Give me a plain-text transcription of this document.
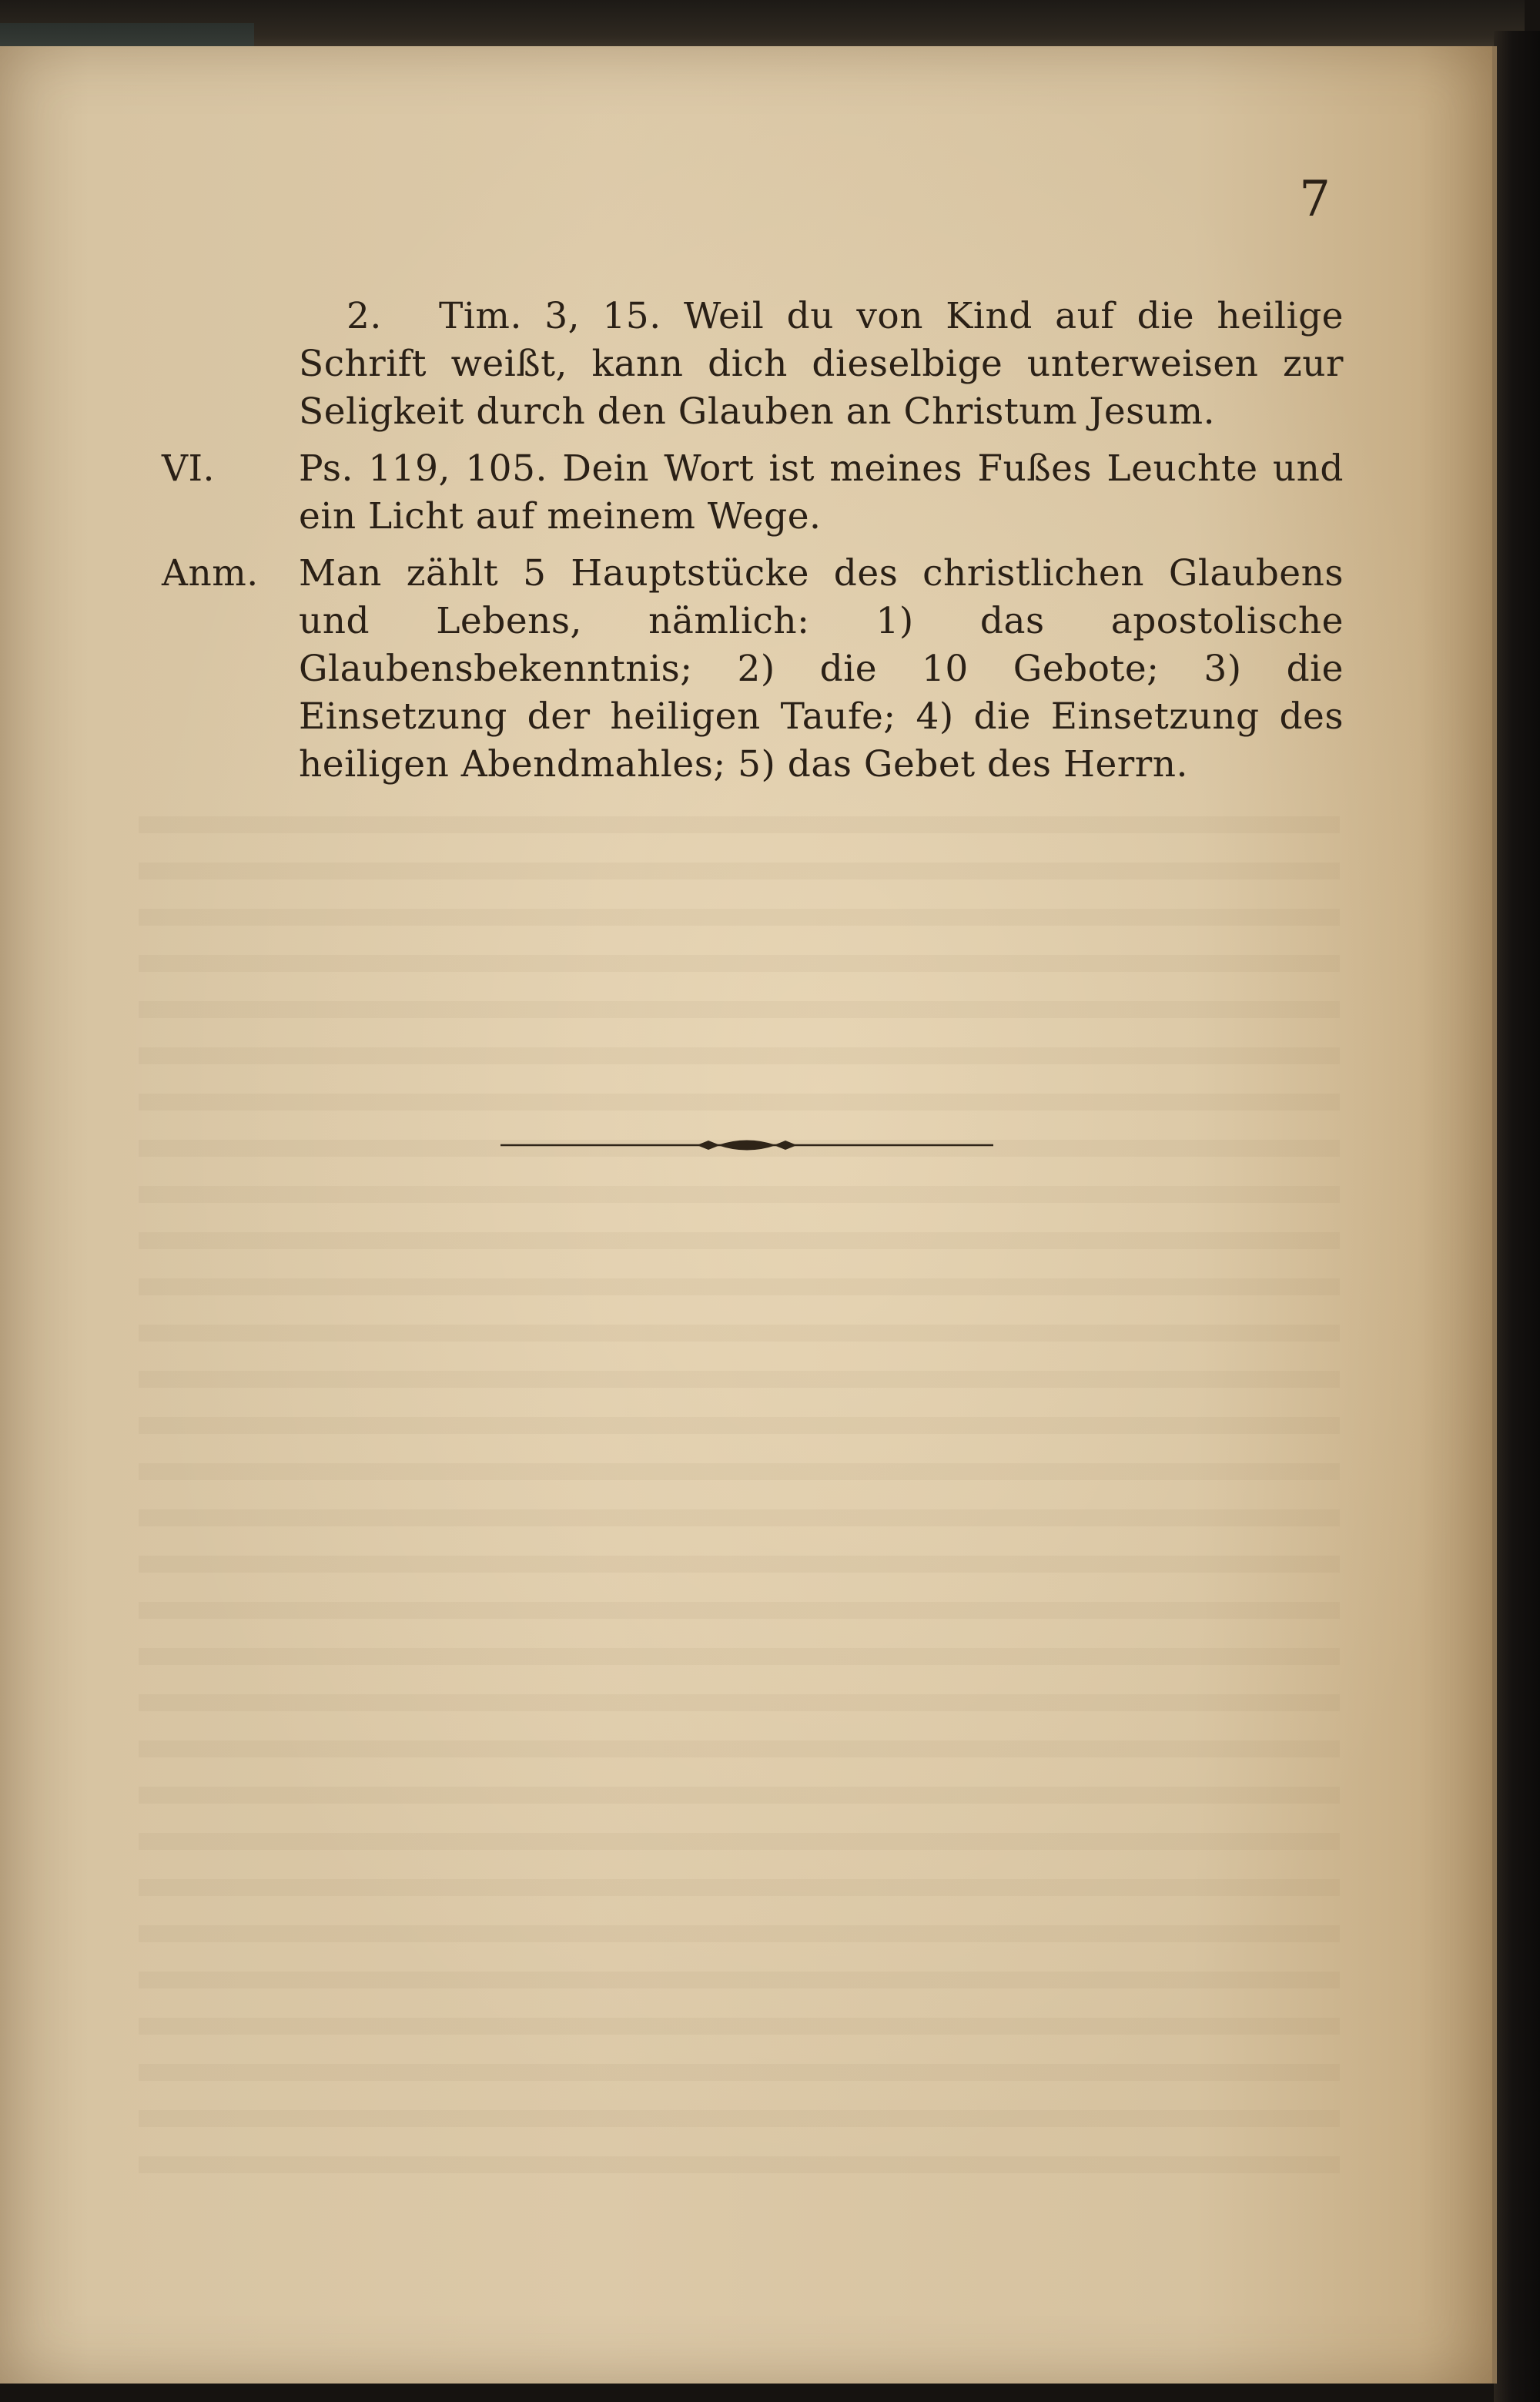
7

2. Tim. 3, 15. Weil du von Kind auf die heilige Schrift weißt, kann dich dieselbige unterweisen zur Seligkeit durch den Glauben an Christum Jesum.

VI. Ps. 119, 105. Dein Wort ist meines Fußes Leuchte und ein Licht auf meinem Wege.

Anm. Man zählt 5 Hauptstücke des christlichen Glaubens und Lebens, nämlich: 1) das apostolische Glaubensbekenntnis; 2) die 10 Gebote; 3) die Einsetzung der heiligen Taufe; 4) die Einsetzung des heiligen Abendmahles; 5) das Gebet des Herrn.
